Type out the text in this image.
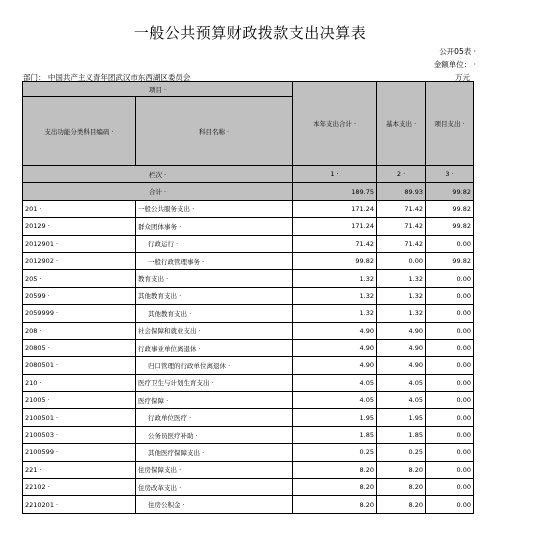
一般公共预算财政拨款支出决算表
公开05表 ·
金额单位： ·
部门： 中国共产主义青年团武汉市东西湖区委员会	万元
项目 ·		本年支出合计 ·	基本支出 ·	项目支出 ·
支出功能分类科目编码 ·	科目名称 ·			
栏次 ·		1 ·	2 ·	3 ·
合计 ·		189.75	89.93	99.82
201 ·	一般公共服务支出 ·	171.24	71.42	99.82
20129 ·	群众团体事务 ·	171.24	71.42	99.82
2012901 ·	行政运行 ·	71.42	71.42	0.00
2012902 ·	一般行政管理事务 ·	99.82	0.00	99.82
205 ·	教育支出 ·	1.32	1.32	0.00
20599 ·	其他教育支出 ·	1.32	1.32	0.00
2059999 ·	其他教育支出 ·	1.32	1.32	0.00
208 ·	社会保障和就业支出 ·	4.90	4.90	0.00
20805 ·	行政事业单位离退休 ·	4.90	4.90	0.00
2080501 ·	归口管理的行政单位离退休 ·	4.90	4.90	0.00
210 ·	医疗卫生与计划生育支出 ·	4.05	4.05	0.00
21005 ·	医疗保障 ·	4.05	4.05	0.00
2100501 ·	行政单位医疗 ·	1.95	1.95	0.00
2100503 ·	公务员医疗补助 ·	1.85	1.85	0.00
2100599 ·	其他医疗保障支出 ·	0.25	0.25	0.00
221 ·	住房保障支出 ·	8.20	8.20	0.00
22102 ·	住房改革支出 ·	8.20	8.20	0.00
2210201 ·	住房公积金 ·	8.20	8.20	0.00
